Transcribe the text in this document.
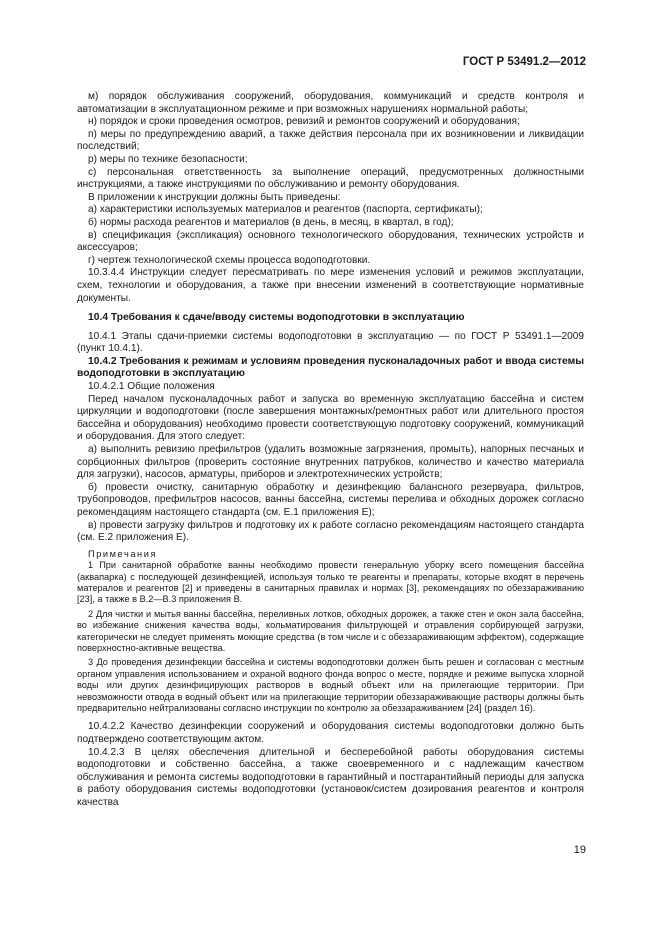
ГОСТ Р 53491.2—2012

м) порядок обслуживания сооружений, оборудования, коммуникаций и средств контроля и автоматизации в эксплуатационном режиме и при возможных нарушениях нормальной работы;

н) порядок и сроки проведения осмотров, ревизий и ремонтов сооружений и оборудования;

п) меры по предупреждению аварий, а также действия персонала при их возникновении и ликвидации последствий;

р) меры по технике безопасности;

с) персональная ответственность за выполнение операций, предусмотренных должностными инструкциями, а также инструкциями по обслуживанию и ремонту оборудования.

В приложении к инструкции должны быть приведены:

а) характеристики используемых материалов и реагентов (паспорта, сертификаты);

б) нормы расхода реагентов и материалов (в день, в месяц, в квартал, в год);

в) спецификация (экспликация) основного технологического оборудования, технических устройств и аксессуаров;

г) чертеж технологической схемы процесса водоподготовки.

10.3.4.4 Инструкции следует пересматривать по мере изменения условий и режимов эксплуатации, схем, технологии и оборудования, а также при внесении изменений в соответствующие нормативные документы.

10.4 Требования к сдаче/вводу системы водоподготовки в эксплуатацию

10.4.1 Этапы сдачи-приемки системы водоподготовки в эксплуатацию — по ГОСТ Р 53491.1—2009 (пункт 10.4.1).

10.4.2 Требования к режимам и условиям проведения пусконаладочных работ и ввода системы водоподготовки в эксплуатацию

10.4.2.1 Общие положения

Перед началом пусконаладочных работ и запуска во временную эксплуатацию бассейна и систем циркуляции и водоподготовки (после завершения монтажных/ремонтных работ или длительного простоя бассейна и оборудования) необходимо провести соответствующую подготовку сооружений, коммуникаций и оборудования. Для этого следует:

а) выполнить ревизию префильтров (удалить возможные загрязнения, промыть), напорных песчаных и сорбционных фильтров (проверить состояние внутренних патрубков, количество и качество материала для загрузки), насосов, арматуры, приборов и электротехнических устройств;

б) провести очистку, санитарную обработку и дезинфекцию балансного резервуара, фильтров, трубопроводов, префильтров насосов, ванны бассейна, системы перелива и обходных дорожек согласно рекомендациям настоящего стандарта (см. Е.1 приложения Е);

в) провести загрузку фильтров и подготовку их к работе согласно рекомендациям настоящего стандарта (см. Е.2 приложения Е).

Примечания

1 При санитарной обработке ванны необходимо провести генеральную уборку всего помещения бассейна (аквапарка) с последующей дезинфекцией, используя только те реагенты и препараты, которые входят в перечень матералов и реагентов [2] и приведены в санитарных правилах и нормах [3], рекомендациях по обеззараживанию [23], а также в В.2—В.3 приложения В.

2 Для чистки и мытья ванны бассейна, переливных лотков, обходных дорожек, а также стен и окон зала бассейна, во избежание снижения качества воды, кольматирования фильтрующей и отравления сорбирующей загрузки, категорически не следует применять моющие средства (в том числе и с обеззараживающим эффектом), содержащие поверхностно-активные вещества.

3 До проведения дезинфекции бассейна и системы водоподготовки должен быть решен и согласован с местным органом управления использованием и охраной водного фонда вопрос о месте, порядке и режиме выпуска хлорной воды или других дезинфицирующих растворов в водный объект или на прилегающие территории. При невозможности отвода в водный объект или на прилегающие территории обеззараживающие растворы должны быть предварительно нейтрализованы согласно инструкции по контролю за обеззараживанием [24] (раздел 16).

10.4.2.2 Качество дезинфекции сооружений и оборудования системы водоподготовки должно быть подтверждено соответствующим актом.

10.4.2.3 В целях обеспечения длительной и бесперебойной работы оборудования системы водоподготовки и собственно бассейна, а также своевременного и с надлежащим качеством обслуживания и ремонта системы водоподготовки в гарантийный и постгарантийный периоды для запуска в работу оборудования системы водоподготовки (установок/систем дозирования реагентов и контроля качества

19
